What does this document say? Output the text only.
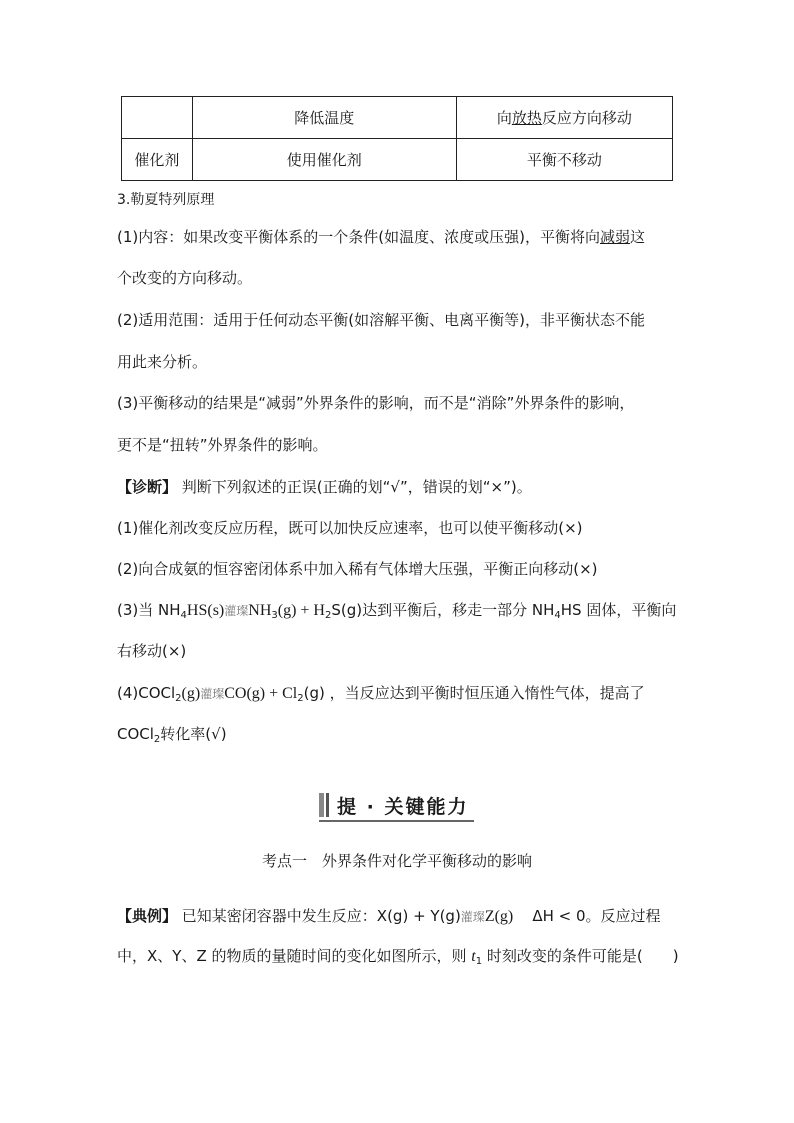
	降低温度	向放热反应方向移动
催化剂	使用催化剂	平衡不移动
3.勒夏特列原理
(1)内容：如果改变平衡体系的一个条件(如温度、浓度或压强)，平衡将向减弱这
个改变的方向移动。
(2)适用范围：适用于任何动态平衡(如溶解平衡、电离平衡等)，非平衡状态不能
用此来分析。
(3)平衡移动的结果是“减弱”外界条件的影响，而不是“消除”外界条件的影响，
更不是“扭转”外界条件的影响。
【诊断】 判断下列叙述的正误(正确的划“√”，错误的划“×”)。
(1)催化剂改变反应历程，既可以加快反应速率，也可以使平衡移动(×)
(2)向合成氨的恒容密闭体系中加入稀有气体增大压强，平衡正向移动(×)
(3)当 $NH_4HS(s)$灌璨$NH_3(g) + H_2S(g)$达到平衡后，移走一部分 $NH_4HS$ 固体，平衡向
右移动(×)
(4)COCl$_2$(g)灌璨$CO(g) + Cl_2(g)$ ，当反应达到平衡时恒压通入惰性气体，提高了
COCl$_2$转化率(√)
提 · 关键能力
考点一　外界条件对化学平衡移动的影响
【典例】 已知某密闭容器中发生反应：X(g) + Y(g)灌璨Z(g) ΔH < 0。反应过程
中，X、Y、Z 的物质的量随时间的变化如图所示，则 $t_1$ 时刻改变的条件可能是(　　)
